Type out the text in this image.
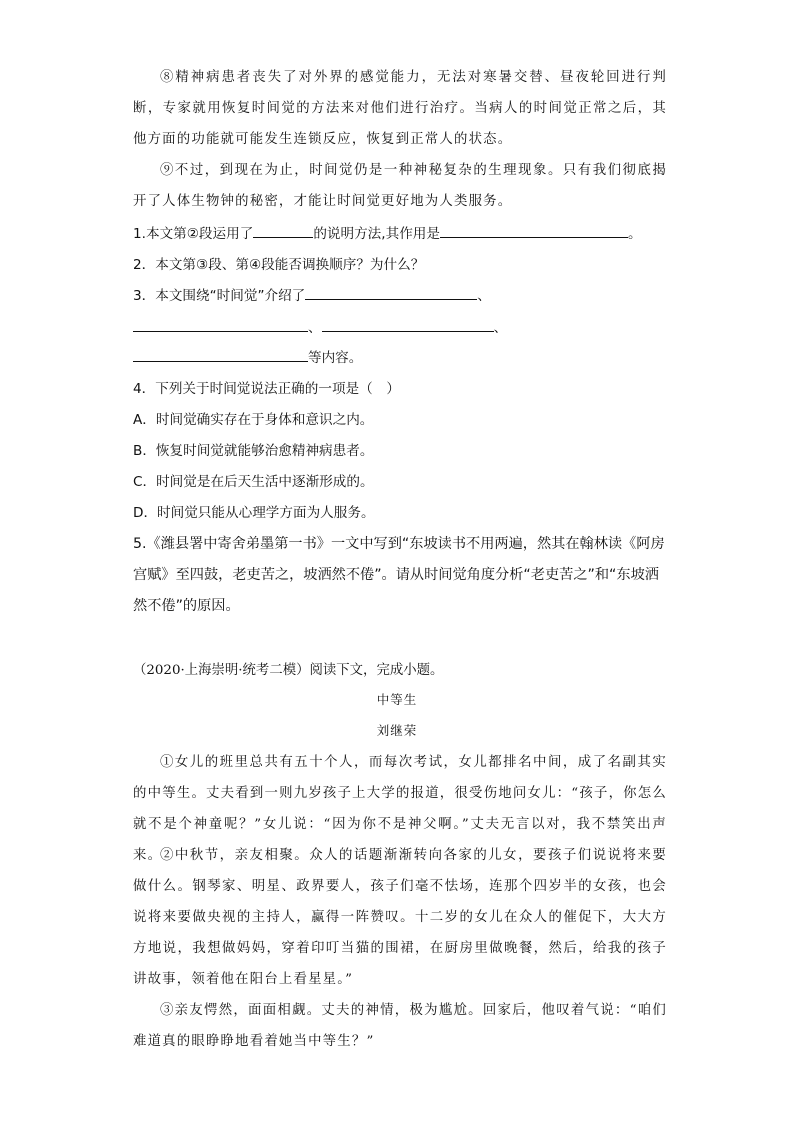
⑧精神病患者丧失了对外界的感觉能力，无法对寒暑交替、昼夜轮回进行判断，专家就用恢复时间觉的方法来对他们进行治疗。当病人的时间觉正常之后，其他方面的功能就可能发生连锁反应，恢复到正常人的状态。

⑨不过，到现在为止，时间觉仍是一种神秘复杂的生理现象。只有我们彻底揭开了人体生物钟的秘密，才能让时间觉更好地为人类服务。

1.本文第②段运用了	的说明方法,其作用是	。

2．本文第③段、第④段能否调换顺序？为什么？

3．本文围绕“时间觉”介绍了	、

、	、

等内容。

4．下列关于时间觉说法正确的一项是（　）

A．时间觉确实存在于身体和意识之内。

B．恢复时间觉就能够治愈精神病患者。

C．时间觉是在后天生活中逐渐形成的。

D．时间觉只能从心理学方面为人服务。

5.《潍县署中寄舍弟墨第一书》一文中写到“东坡读书不用两遍，然其在翰林读《阿房宫赋》至四鼓，老吏苦之，坡洒然不倦”。请从时间觉角度分析“老吏苦之”和“东坡洒然不倦”的原因。

（2020·上海崇明·统考二模）阅读下文，完成小题。

中等生

刘继荣

①女儿的班里总共有五十个人，而每次考试，女儿都排名中间，成了名副其实的中等生。丈夫看到一则九岁孩子上大学的报道，很受伤地问女儿：“孩子，你怎么就不是个神童呢？”女儿说：“因为你不是神父啊。”丈夫无言以对，我不禁笑出声来。

②中秋节，亲友相聚。众人的话题渐渐转向各家的儿女，要孩子们说说将来要做什么。钢琴家、明星、政界要人，孩子们毫不怯场，连那个四岁半的女孩，也会说将来要做央视的主持人，赢得一阵赞叹。十二岁的女儿在众人的催促下，大大方方地说，我想做妈妈，穿着印叮当猫的围裙，在厨房里做晚餐，然后，给我的孩子讲故事，领着他在阳台上看星星。”

③亲友愕然，面面相觑。丈夫的神情，极为尴尬。回家后，他叹着气说：“咱们难道真的眼睁睁地看着她当中等生？”
